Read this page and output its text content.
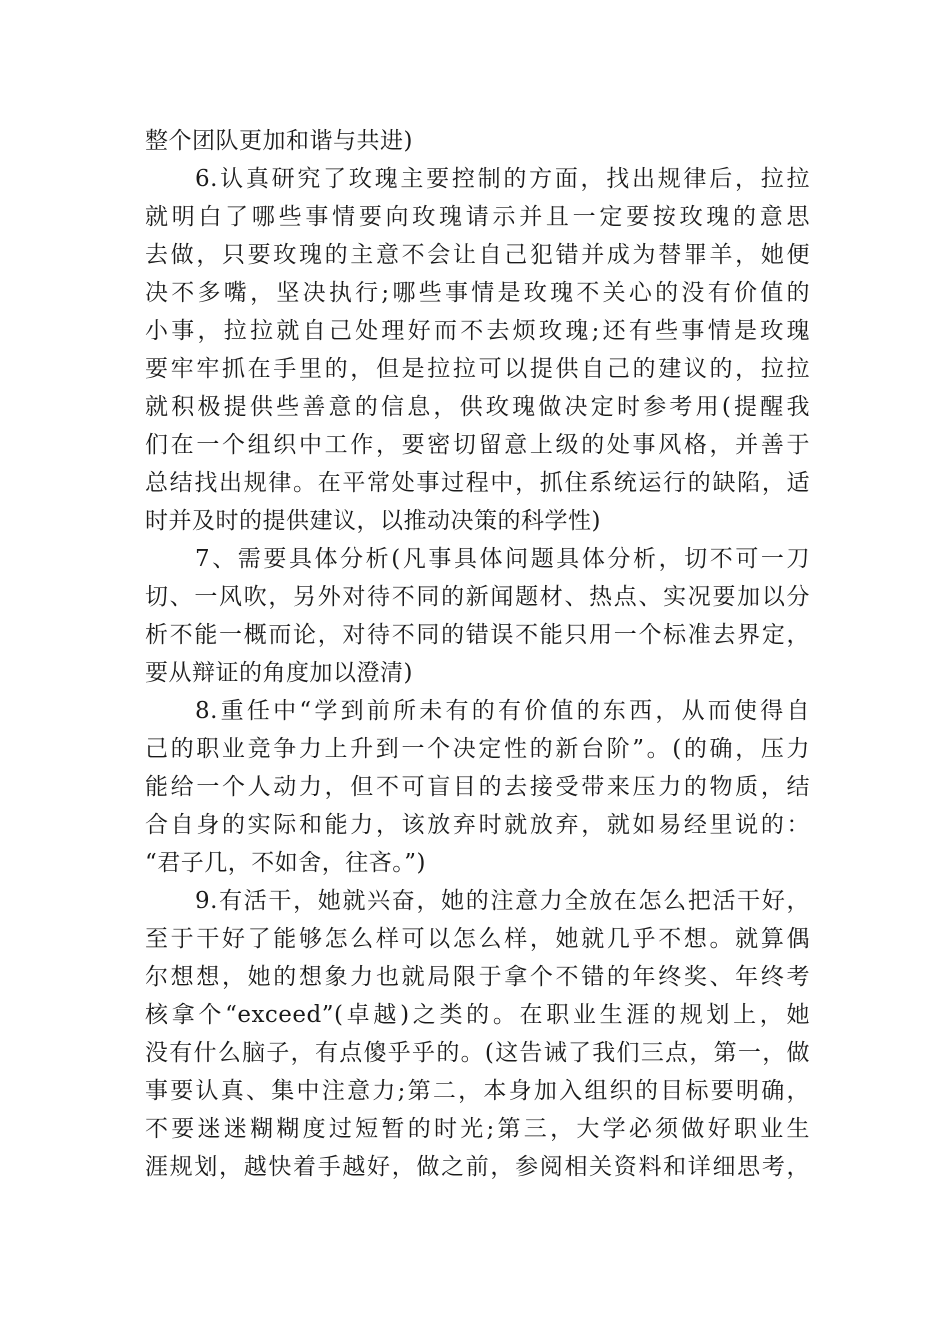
整个团队更加和谐与共进)
6.认真研究了玫瑰主要控制的方面，找出规律后，拉拉
就明白了哪些事情要向玫瑰请示并且一定要按玫瑰的意思
去做，只要玫瑰的主意不会让自己犯错并成为替罪羊，她便
决不多嘴，坚决执行;哪些事情是玫瑰不关心的没有价值的
小事，拉拉就自己处理好而不去烦玫瑰;还有些事情是玫瑰
要牢牢抓在手里的，但是拉拉可以提供自己的建议的，拉拉
就积极提供些善意的信息，供玫瑰做决定时参考用(提醒我
们在一个组织中工作，要密切留意上级的处事风格，并善于
总结找出规律。在平常处事过程中，抓住系统运行的缺陷，适
时并及时的提供建议，以推动决策的科学性)
7、需要具体分析(凡事具体问题具体分析，切不可一刀
切、一风吹，另外对待不同的新闻题材、热点、实况要加以分
析不能一概而论，对待不同的错误不能只用一个标准去界定，
要从辩证的角度加以澄清)
8.重任中“学到前所未有的有价值的东西，从而使得自
己的职业竞争力上升到一个决定性的新台阶”。(的确，压力
能给一个人动力，但不可盲目的去接受带来压力的物质，结
合自身的实际和能力，该放弃时就放弃，就如易经里说的：
“君子几，不如舍，往吝。”)
9.有活干，她就兴奋，她的注意力全放在怎么把活干好，
至于干好了能够怎么样可以怎么样，她就几乎不想。就算偶
尔想想，她的想象力也就局限于拿个不错的年终奖、年终考
核拿个“exceed”(卓越)之类的。在职业生涯的规划上，她
没有什么脑子，有点傻乎乎的。(这告诫了我们三点，第一，做
事要认真、集中注意力;第二，本身加入组织的目标要明确，
不要迷迷糊糊度过短暂的时光;第三，大学必须做好职业生
涯规划，越快着手越好，做之前，参阅相关资料和详细思考，
